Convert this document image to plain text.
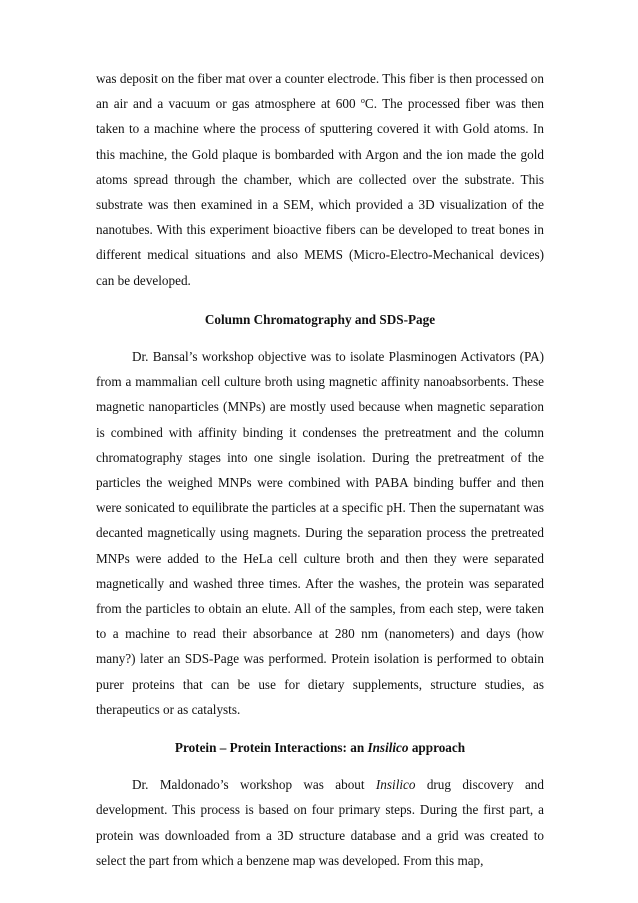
was deposit on the fiber mat over a counter electrode. This fiber is then processed on an air and a vacuum or gas atmosphere at 600 $^o$C. The processed fiber was then taken to a machine where the process of sputtering covered it with Gold atoms. In this machine, the Gold plaque is bombarded with Argon and the ion made the gold atoms spread through the chamber, which are collected over the substrate. This substrate was then examined in a SEM, which provided a 3D visualization of the nanotubes. With this experiment bioactive fibers can be developed to treat bones in different medical situations and also MEMS (Micro-Electro-Mechanical devices) can be developed.

Column Chromatography and SDS-Page

Dr. Bansal’s workshop objective was to isolate Plasminogen Activators (PA) from a mammalian cell culture broth using magnetic affinity nanoabsorbents. These magnetic nanoparticles (MNPs) are mostly used because when magnetic separation is combined with affinity binding it condenses the pretreatment and the column chromatography stages into one single isolation. During the pretreatment of the particles the weighed MNPs were combined with PABA binding buffer and then were sonicated to equilibrate the particles at a specific pH. Then the supernatant was decanted magnetically using magnets. During the separation process the pretreated MNPs were added to the HeLa cell culture broth and then they were separated magnetically and washed three times. After the washes, the protein was separated from the particles to obtain an elute. All of the samples, from each step, were taken to a machine to read their absorbance at 280 nm (nanometers) and days (how many?) later an SDS-Page was performed. Protein isolation is performed to obtain purer proteins that can be use for dietary supplements, structure studies, as therapeutics or as catalysts.

Protein – Protein Interactions: an Insilico approach

Dr. Maldonado’s workshop was about Insilico drug discovery and development. This process is based on four primary steps. During the first part, a protein was downloaded from a 3D structure database and a grid was created to select the part from which a benzene map was developed. From this map,
